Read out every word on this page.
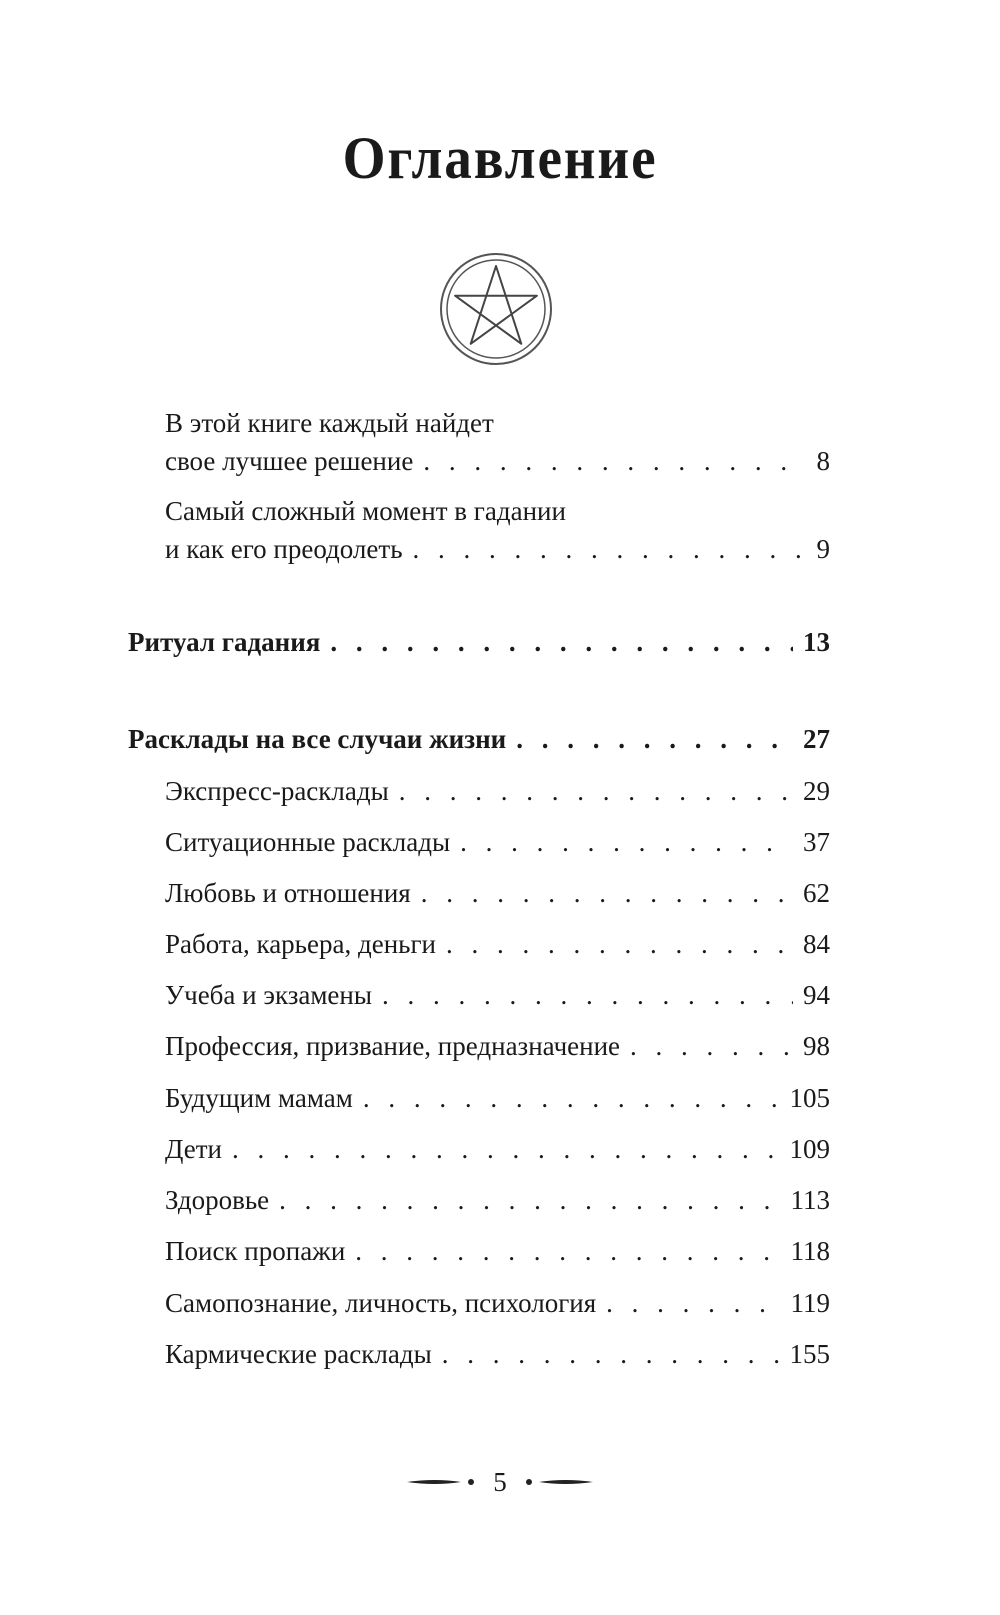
Оглавление
В этой книге каждый найдет
свое лучшее решение . . .	8
Самый сложный момент в гадании
и как его преодолеть . . .	9
Ритуал гадания . . .	13
Расклады на все случаи жизни . . .	27
Экспресс-расклады . . .	29
Ситуационные расклады . . .	37
Любовь и отношения . . .	62
Работа, карьера, деньги . . .	84
Учеба и экзамены . . .	94
Профессия, призвание, предназначение . . .	98
Будущим мамам . . .	105
Дети . . .	109
Здоровье . . .	113
Поиск пропажи . . .	118
Самопознание, личность, психология . . .	119
Кармические расклады . . .	155
5
